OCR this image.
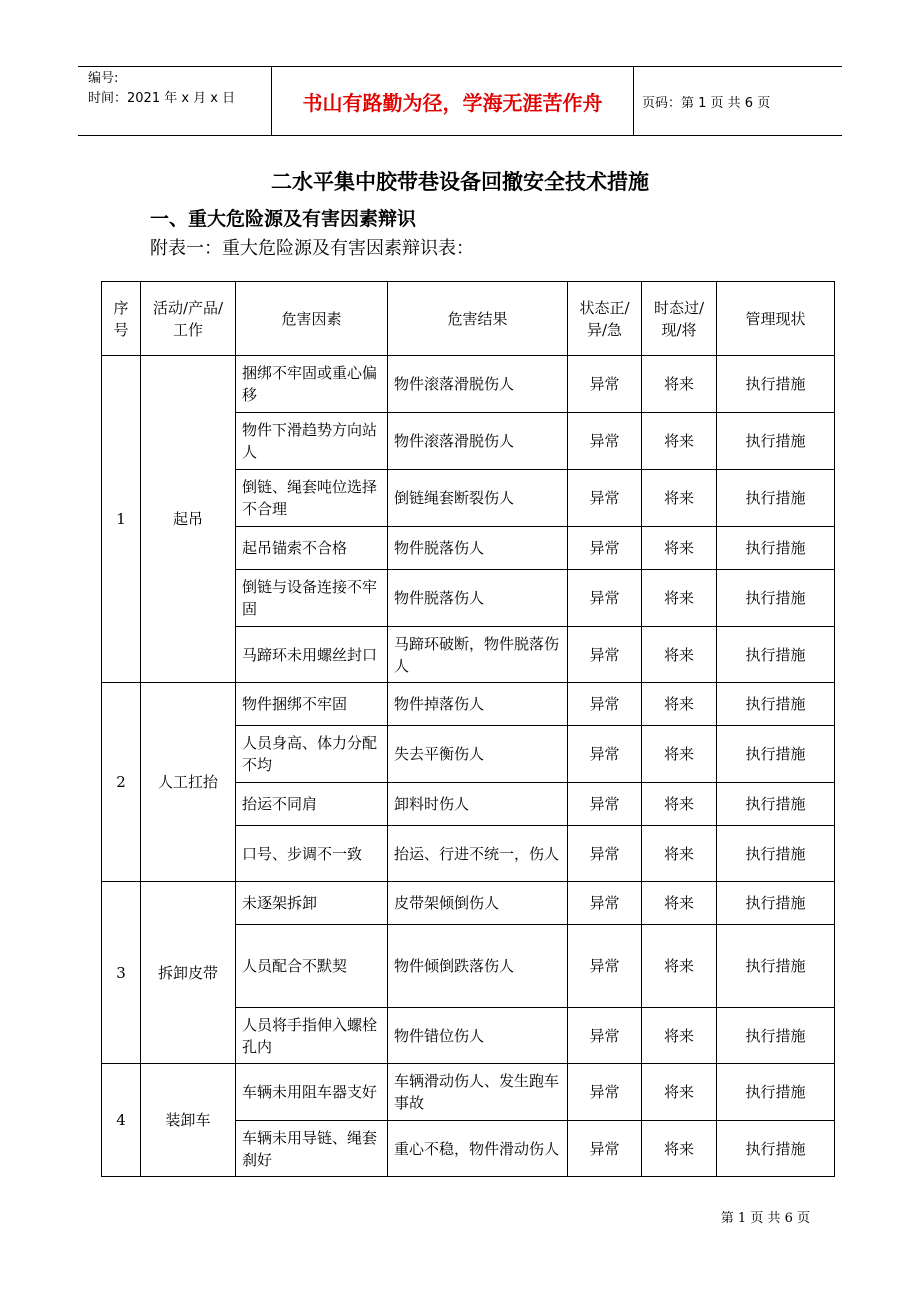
编号:
时间：2021 年 x 月 x 日	书山有路勤为径，学海无涯苦作舟	页码：第 1 页 共 6 页
二水平集中胶带巷设备回撤安全技术措施
一、重大危险源及有害因素辩识
附表一：重大危险源及有害因素辩识表：
序号	活动/产品/工作	危害因素	危害结果	状态正/异/急	时态过/现/将	管理现状
1	起吊	捆绑不牢固或重心偏移	物件滚落滑脱伤人	异常	将来	执行措施
		物件下滑趋势方向站人	物件滚落滑脱伤人	异常	将来	执行措施
		倒链、绳套吨位选择不合理	倒链绳套断裂伤人	异常	将来	执行措施
		起吊锚索不合格	物件脱落伤人	异常	将来	执行措施
		倒链与设备连接不牢固	物件脱落伤人	异常	将来	执行措施
		马蹄环未用螺丝封口	马蹄环破断，物件脱落伤人	异常	将来	执行措施
2	人工扛抬	物件捆绑不牢固	物件掉落伤人	异常	将来	执行措施
		人员身高、体力分配不均	失去平衡伤人	异常	将来	执行措施
		抬运不同肩	卸料时伤人	异常	将来	执行措施
		口号、步调不一致	抬运、行进不统一，伤人	异常	将来	执行措施
3	拆卸皮带	未逐架拆卸	皮带架倾倒伤人	异常	将来	执行措施
		人员配合不默契	物件倾倒跌落伤人	异常	将来	执行措施
		人员将手指伸入螺栓孔内	物件错位伤人	异常	将来	执行措施
4	装卸车	车辆未用阻车器支好	车辆滑动伤人、发生跑车事故	异常	将来	执行措施
		车辆未用导链、绳套刹好	重心不稳，物件滑动伤人	异常	将来	执行措施
第 1 页 共 6 页
